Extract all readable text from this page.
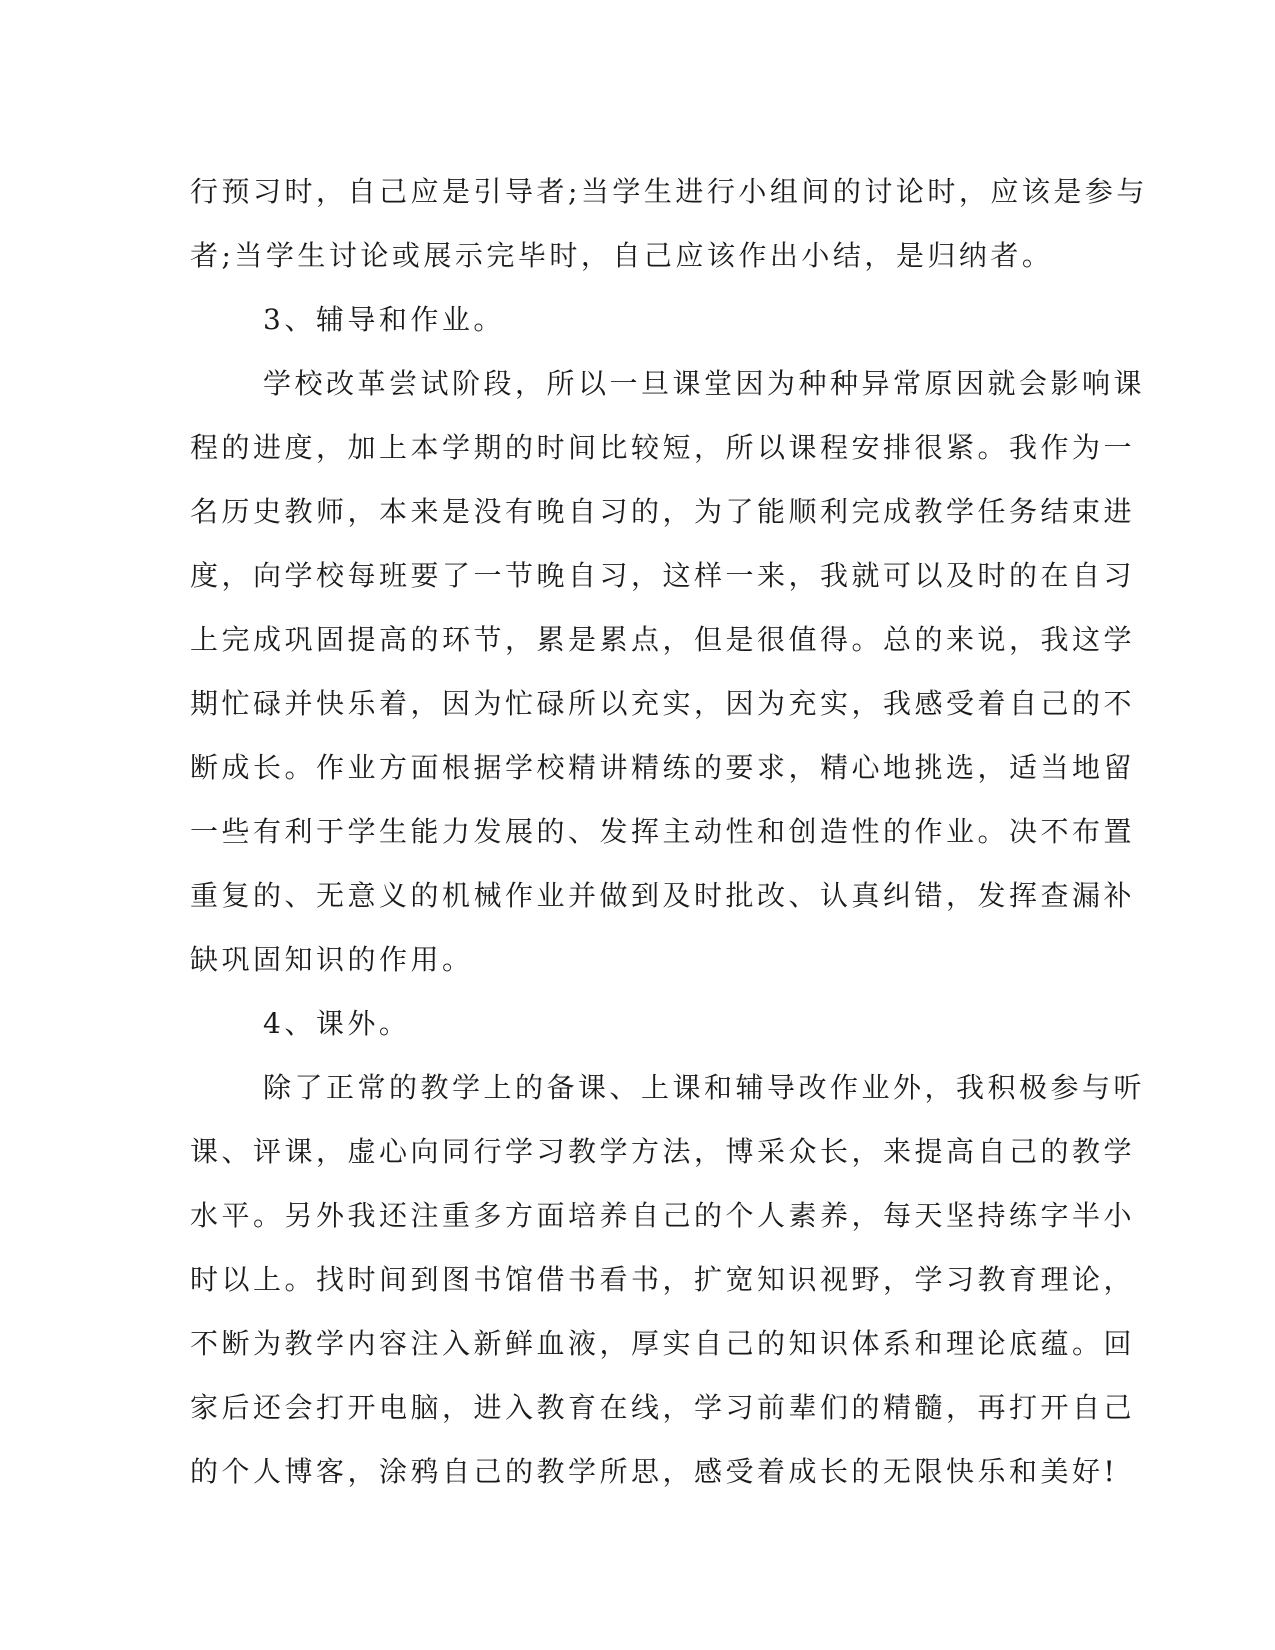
行预习时，自己应是引导者;当学生进行小组间的讨论时，应该是参与
者;当学生讨论或展示完毕时，自己应该作出小结，是归纳者。
3、辅导和作业。
学校改革尝试阶段，所以一旦课堂因为种种异常原因就会影响课
程的进度，加上本学期的时间比较短，所以课程安排很紧。我作为一
名历史教师，本来是没有晚自习的，为了能顺利完成教学任务结束进
度，向学校每班要了一节晚自习，这样一来，我就可以及时的在自习
上完成巩固提高的环节，累是累点，但是很值得。总的来说，我这学
期忙碌并快乐着，因为忙碌所以充实，因为充实，我感受着自己的不
断成长。作业方面根据学校精讲精练的要求，精心地挑选，适当地留
一些有利于学生能力发展的、发挥主动性和创造性的作业。决不布置
重复的、无意义的机械作业并做到及时批改、认真纠错，发挥查漏补
缺巩固知识的作用。
4、课外。
除了正常的教学上的备课、上课和辅导改作业外，我积极参与听
课、评课，虚心向同行学习教学方法，博采众长，来提高自己的教学
水平。另外我还注重多方面培养自己的个人素养，每天坚持练字半小
时以上。找时间到图书馆借书看书，扩宽知识视野，学习教育理论，
不断为教学内容注入新鲜血液，厚实自己的知识体系和理论底蕴。回
家后还会打开电脑，进入教育在线，学习前辈们的精髓，再打开自己
的个人博客，涂鸦自己的教学所思，感受着成长的无限快乐和美好!
